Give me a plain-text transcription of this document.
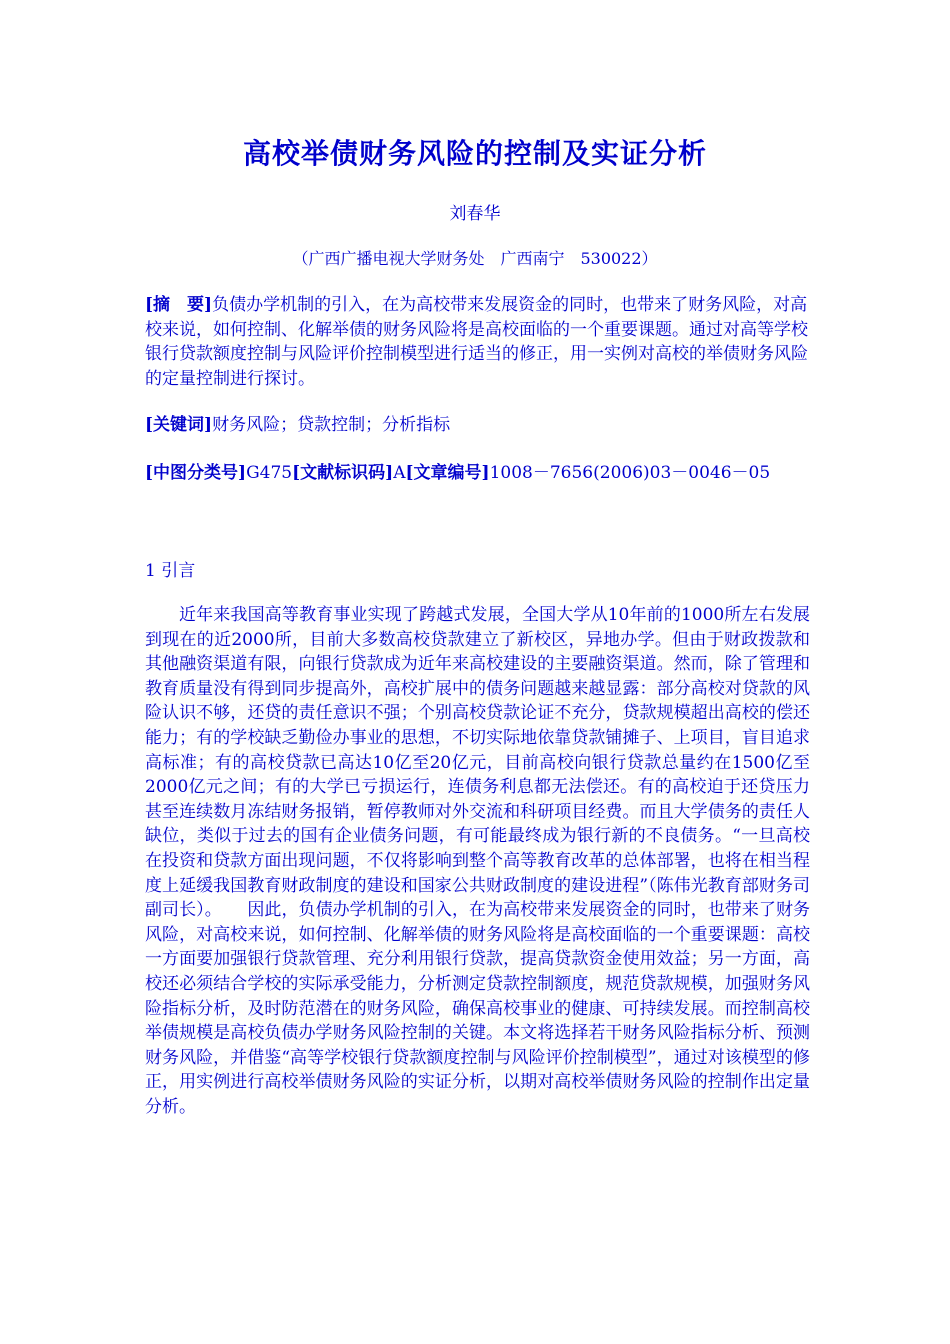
高校举债财务风险的控制及实证分析
刘春华
（广西广播电视大学财务处　广西南宁　530022）
[摘　要]负债办学机制的引入，在为高校带来发展资金的同时，也带来了财务风险，对高校来说，如何控制、化解举债的财务风险将是高校面临的一个重要课题。通过对高等学校银行贷款额度控制与风险评价控制模型进行适当的修正，用一实例对高校的举债财务风险的定量控制进行探讨。
[关键词]财务风险；贷款控制；分析指标
[中图分类号]G475[文献标识码]A[文章编号]1008－7656(2006)03－0046－05
1 引言
近年来我国高等教育事业实现了跨越式发展，全国大学从10年前的1000所左右发展到现在的近2000所，目前大多数高校贷款建立了新校区，异地办学。但由于财政拨款和其他融资渠道有限，向银行贷款成为近年来高校建设的主要融资渠道。然而，除了管理和教育质量没有得到同步提高外，高校扩展中的债务问题越来越显露：部分高校对贷款的风险认识不够，还贷的责任意识不强；个别高校贷款论证不充分，贷款规模超出高校的偿还能力；有的学校缺乏勤俭办事业的思想，不切实际地依靠贷款铺摊子、上项目，盲目追求高标准；有的高校贷款已高达10亿至20亿元，目前高校向银行贷款总量约在1500亿至2000亿元之间；有的大学已亏损运行，连债务利息都无法偿还。有的高校迫于还贷压力甚至连续数月冻结财务报销，暂停教师对外交流和科研项目经费。而且大学债务的责任人缺位，类似于过去的国有企业债务问题，有可能最终成为银行新的不良债务。“一旦高校在投资和贷款方面出现问题，不仅将影响到整个高等教育改革的总体部署，也将在相当程度上延缓我国教育财政制度的建设和国家公共财政制度的建设进程”（陈伟光教育部财务司副司长）。　　因此，负债办学机制的引入，在为高校带来发展资金的同时，也带来了财务风险，对高校来说，如何控制、化解举债的财务风险将是高校面临的一个重要课题：高校一方面要加强银行贷款管理、充分利用银行贷款，提高贷款资金使用效益；另一方面，高校还必须结合学校的实际承受能力，分析测定贷款控制额度，规范贷款规模，加强财务风险指标分析，及时防范潜在的财务风险，确保高校事业的健康、可持续发展。而控制高校举债规模是高校负债办学财务风险控制的关键。本文将选择若干财务风险指标分析、预测财务风险，并借鉴“高等学校银行贷款额度控制与风险评价控制模型”，通过对该模型的修正，用实例进行高校举债财务风险的实证分析，以期对高校举债财务风险的控制作出定量分析。
